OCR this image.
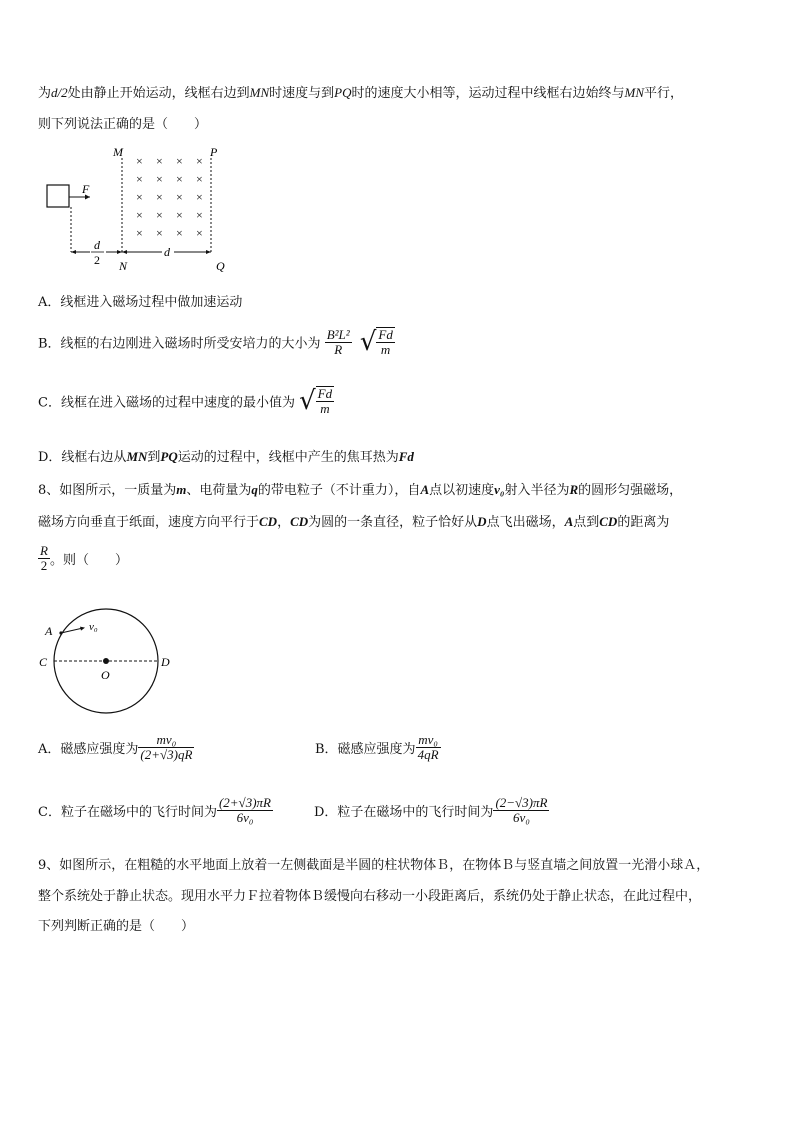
为d/2处由静止开始运动，线框右边到MN时速度与到PQ时的速度大小相等，运动过程中线框右边始终与MN平行，
则下列说法正确的是（　　）
F
M	P
N	Q
× × × ×
× × × ×
× × × ×
× × × ×
× × × ×
d
2
d
A．线框进入磁场过程中做加速运动
B．线框的右边刚进入磁场时所受安培力的大小为 $\frac{\text{B²L²}}{R}$ √ $\frac{Fd}{m}$
C．线框在进入磁场的过程中速度的最小值为 √ $\frac{Fd}{m}$
D．线框右边从MN到PQ运动的过程中，线框中产生的焦耳热为Fd
8、如图所示，一质量为m、电荷量为q的带电粒子（不计重力），自A点以初速度v₀射入半径为R的圆形匀强磁场，
磁场方向垂直于纸面，速度方向平行于CD，CD为圆的一条直径，粒子恰好从D点飞出磁场，A点到CD的距离为
$\frac{R}{2}$ 。则（　　）
A	v₀
C	D
O
A．磁感应强度为 $\frac{\text{mv₀}}{(2+√3)qR}$	B．磁感应强度为 $\frac{\text{mv₀}}{4qR}$
C．粒子在磁场中的飞行时间为 $\frac{(2+√3)\pi R}{\text{6v₀}}$	D．粒子在磁场中的飞行时间为 $\frac{(2-√3)\pi R}{\text{6v₀}}$
9、如图所示，在粗糙的水平地面上放着一左侧截面是半圆的柱状物体Ｂ，在物体Ｂ与竖直墙之间放置一光滑小球Ａ，
整个系统处于静止状态。现用水平力Ｆ拉着物体Ｂ缓慢向右移动一小段距离后，系统仍处于静止状态，在此过程中，
下列判断正确的是（　　）
